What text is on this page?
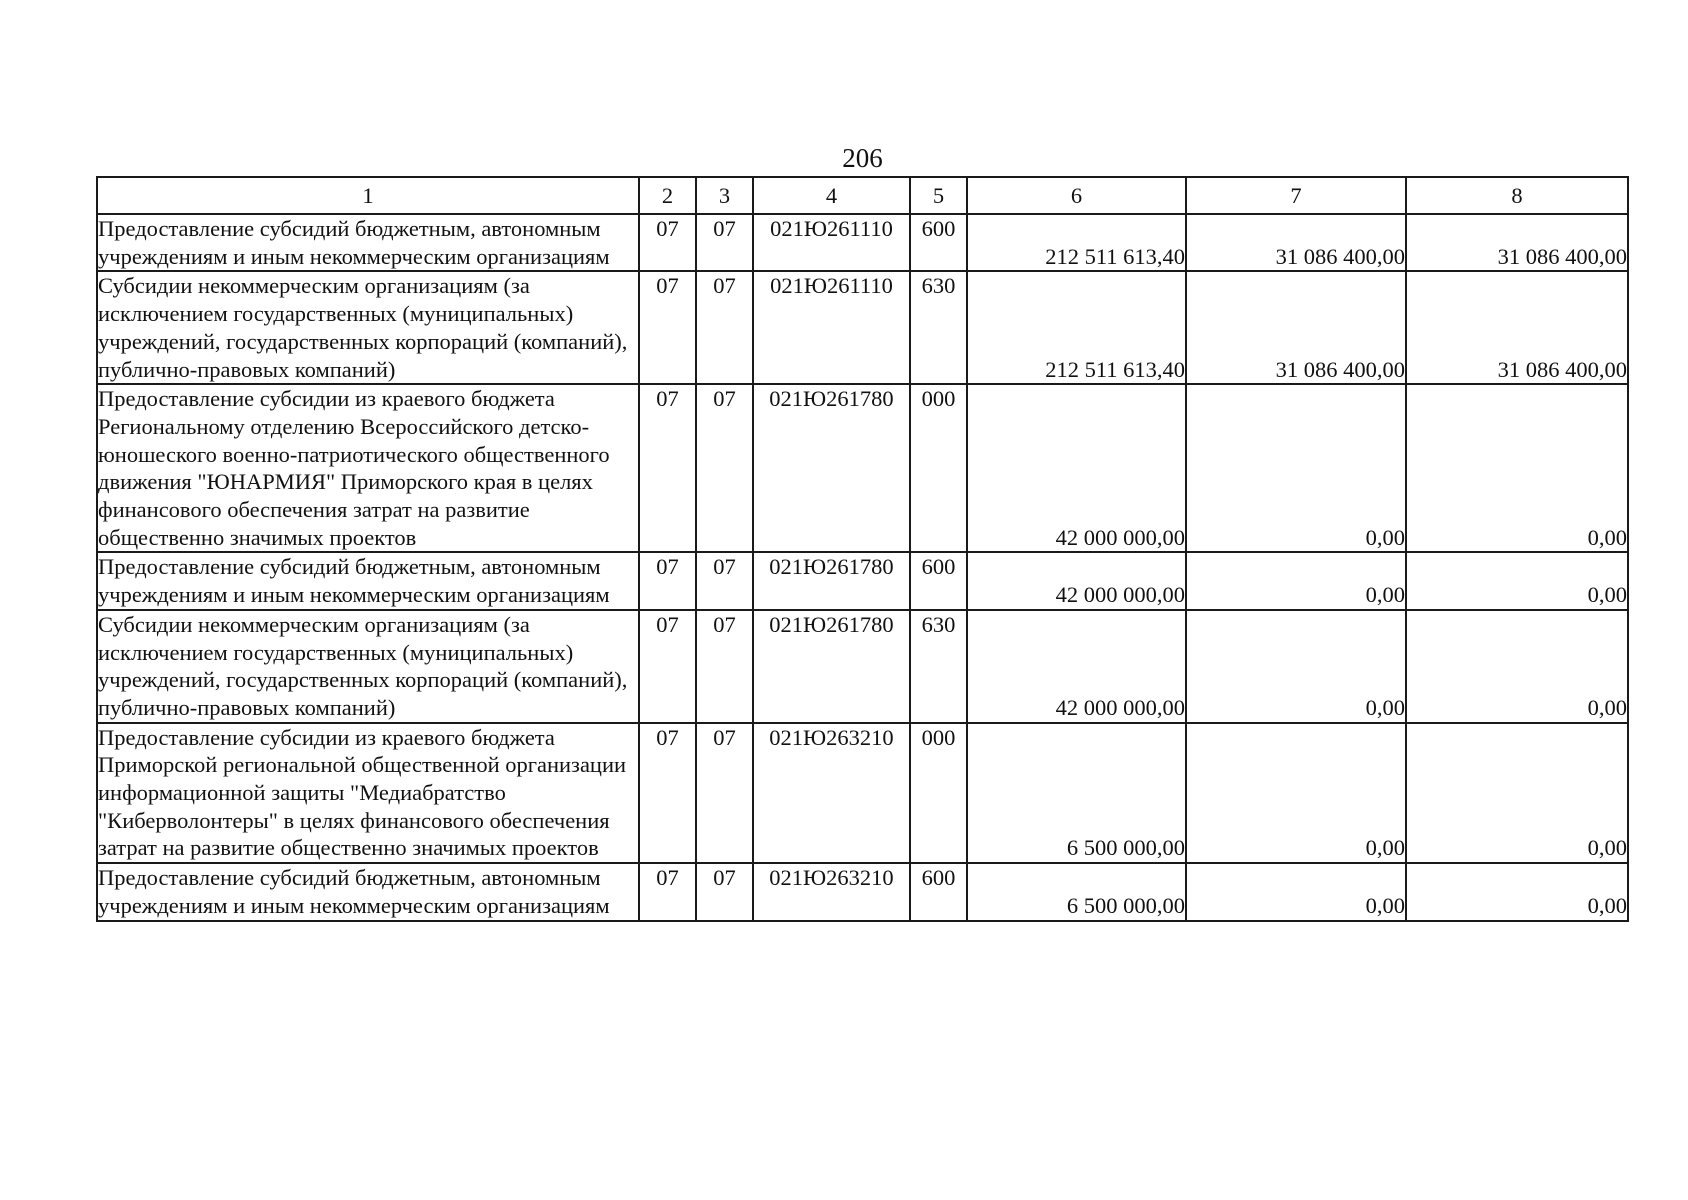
206
1	2	3	4	5	6	7	8
Предоставление субсидий бюджетным, автономным учреждениям и иным некоммерческим организациям	07	07	021Ю261110	600	212 511 613,40	31 086 400,00	31 086 400,00
Субсидии некоммерческим организациям (за исключением государственных (муниципальных) учреждений, государственных корпораций (компаний), публично-правовых компаний)	07	07	021Ю261110	630	212 511 613,40	31 086 400,00	31 086 400,00
Предоставление субсидии из краевого бюджета Региональному отделению Всероссийского детско-юношеского военно-патриотического общественного движения "ЮНАРМИЯ" Приморского края в целях финансового обеспечения затрат на развитие общественно значимых проектов	07	07	021Ю261780	000	42 000 000,00	0,00	0,00
Предоставление субсидий бюджетным, автономным учреждениям и иным некоммерческим организациям	07	07	021Ю261780	600	42 000 000,00	0,00	0,00
Субсидии некоммерческим организациям (за исключением государственных (муниципальных) учреждений, государственных корпораций (компаний), публично-правовых компаний)	07	07	021Ю261780	630	42 000 000,00	0,00	0,00
Предоставление субсидии из краевого бюджета Приморской региональной общественной организации информационной защиты "Медиабратство "Киберволонтеры" в целях финансового обеспечения затрат на развитие общественно значимых проектов	07	07	021Ю263210	000	6 500 000,00	0,00	0,00
Предоставление субсидий бюджетным, автономным учреждениям и иным некоммерческим организациям	07	07	021Ю263210	600	6 500 000,00	0,00	0,00
